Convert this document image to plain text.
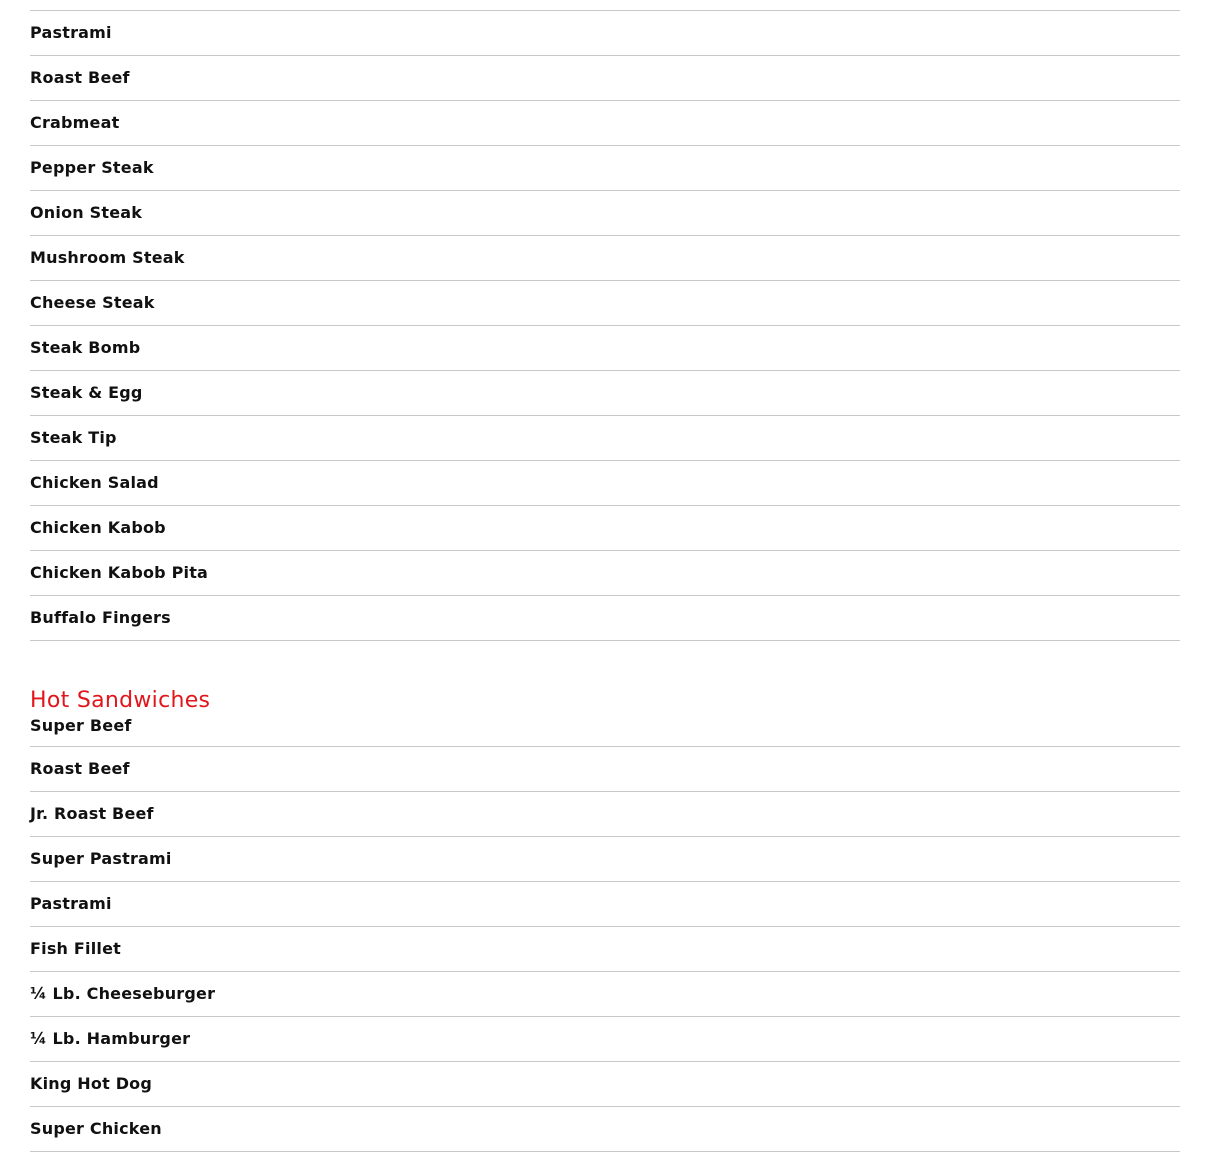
Pastrami
Roast Beef
Crabmeat
Pepper Steak
Onion Steak
Mushroom Steak
Cheese Steak
Steak Bomb
Steak & Egg
Steak Tip
Chicken Salad
Chicken Kabob
Chicken Kabob Pita
Buffalo Fingers
Hot Sandwiches
Super Beef
Roast Beef
Jr. Roast Beef
Super Pastrami
Pastrami
Fish Fillet
¼ Lb. Cheeseburger
¼ Lb. Hamburger
King Hot Dog
Super Chicken
